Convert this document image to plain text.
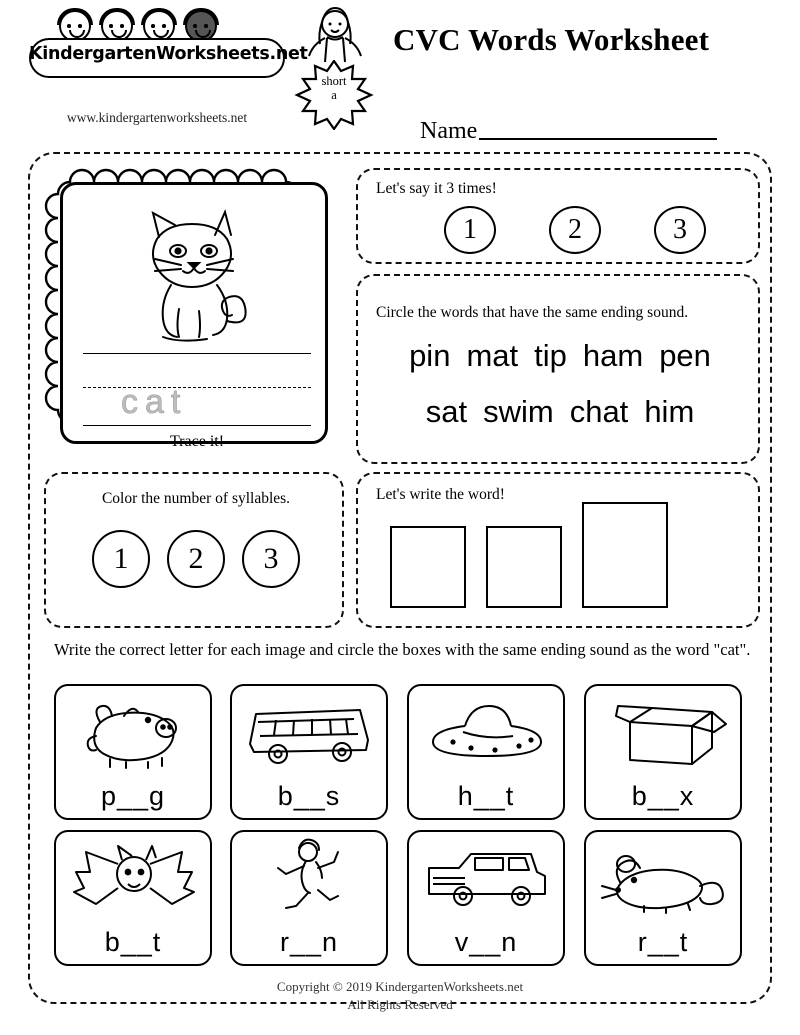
KindergartenWorksheets.net
www.kindergartenworksheets.net
short
a
CVC Words Worksheet
Name
cat
Trace it!
Let's say it 3 times!
1	2	3
Circle the words that have the same ending sound.
pin mat tip ham pen
sat swim chat him
Color the number of syllables.
1	2	3
Let's write the word!
Write the correct letter for each image and circle the boxes with the same ending sound as the word "cat".
p__g	b__s	h__t	b__x
b__t	r__n	v__n	r__t
Copyright © 2019 KindergartenWorksheets.net
All Rights Reserved
